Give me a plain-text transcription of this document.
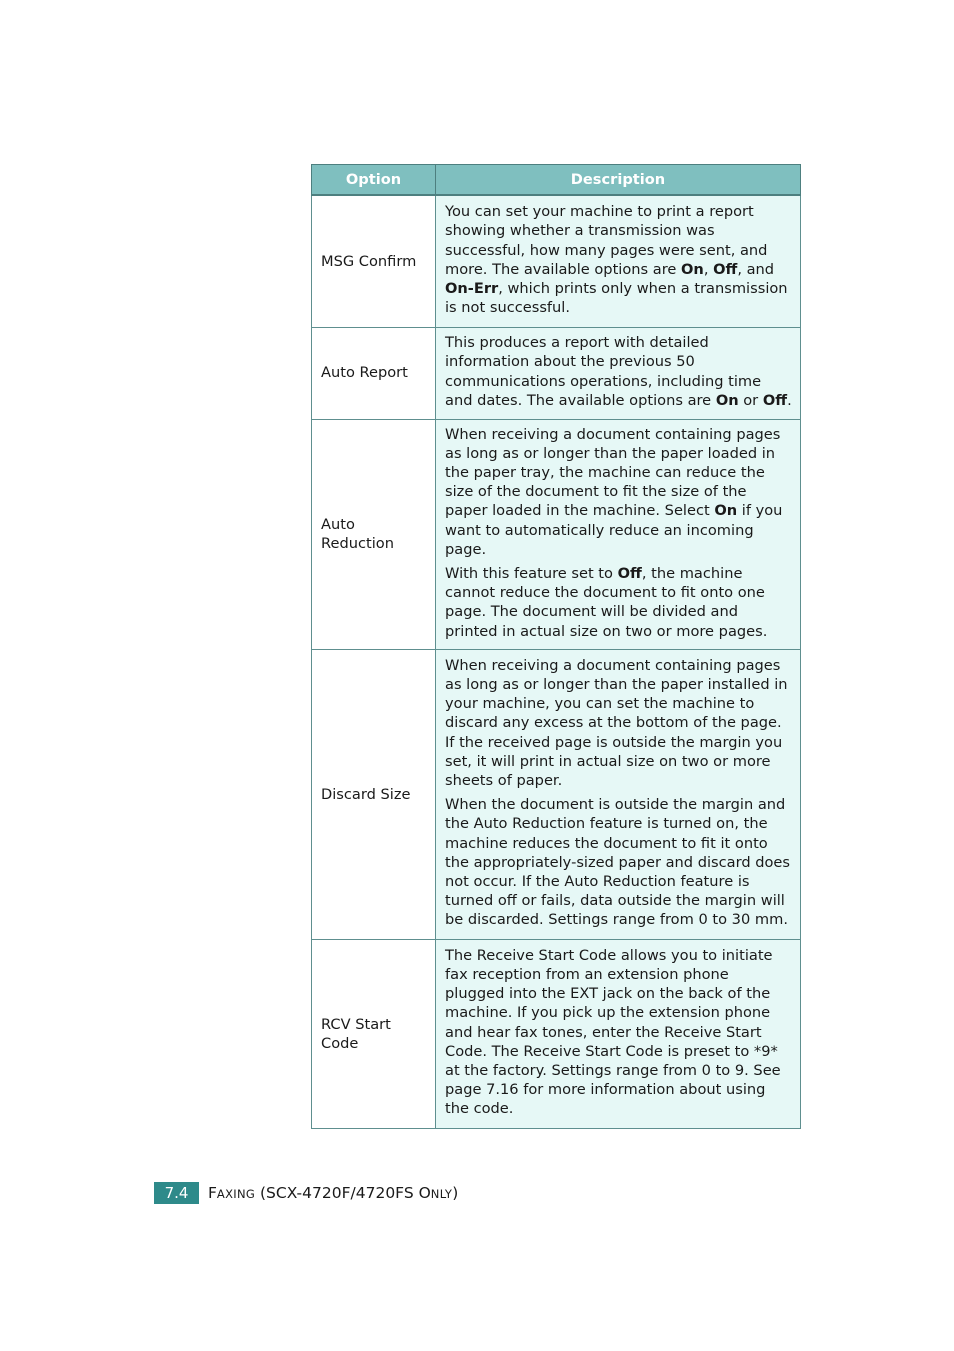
Option	Description
MSG Confirm	You can set your machine to print a report showing whether a transmission was successful, how many pages were sent, and more. The available options are On, Off, and On-Err, which prints only when a transmission is not successful.

Auto Report	This produces a report with detailed information about the previous 50 communications operations, including time and dates. The available options are On or Off.

Auto Reduction	When receiving a document containing pages as long as or longer than the paper loaded in the paper tray, the machine can reduce the size of the document to fit the size of the paper loaded in the machine. Select On if you want to automatically reduce an incoming page.

With this feature set to Off, the machine cannot reduce the document to fit onto one page. The document will be divided and printed in actual size on two or more pages.

Discard Size	When receiving a document containing pages as long as or longer than the paper installed in your machine, you can set the machine to discard any excess at the bottom of the page. If the received page is outside the margin you set, it will print in actual size on two or more sheets of paper.

When the document is outside the margin and the Auto Reduction feature is turned on, the machine reduces the document to fit it onto the appropriately-sized paper and discard does not occur. If the Auto Reduction feature is turned off or fails, data outside the margin will be discarded. Settings range from 0 to 30 mm.

RCV Start Code	The Receive Start Code allows you to initiate fax reception from an extension phone plugged into the EXT jack on the back of the machine. If you pick up the extension phone and hear fax tones, enter the Receive Start Code. The Receive Start Code is preset to *9* at the factory. Settings range from 0 to 9. See page 7.16 for more information about using the code.

7.4	FAXING (SCX-4720F/4720FS ONLY)
